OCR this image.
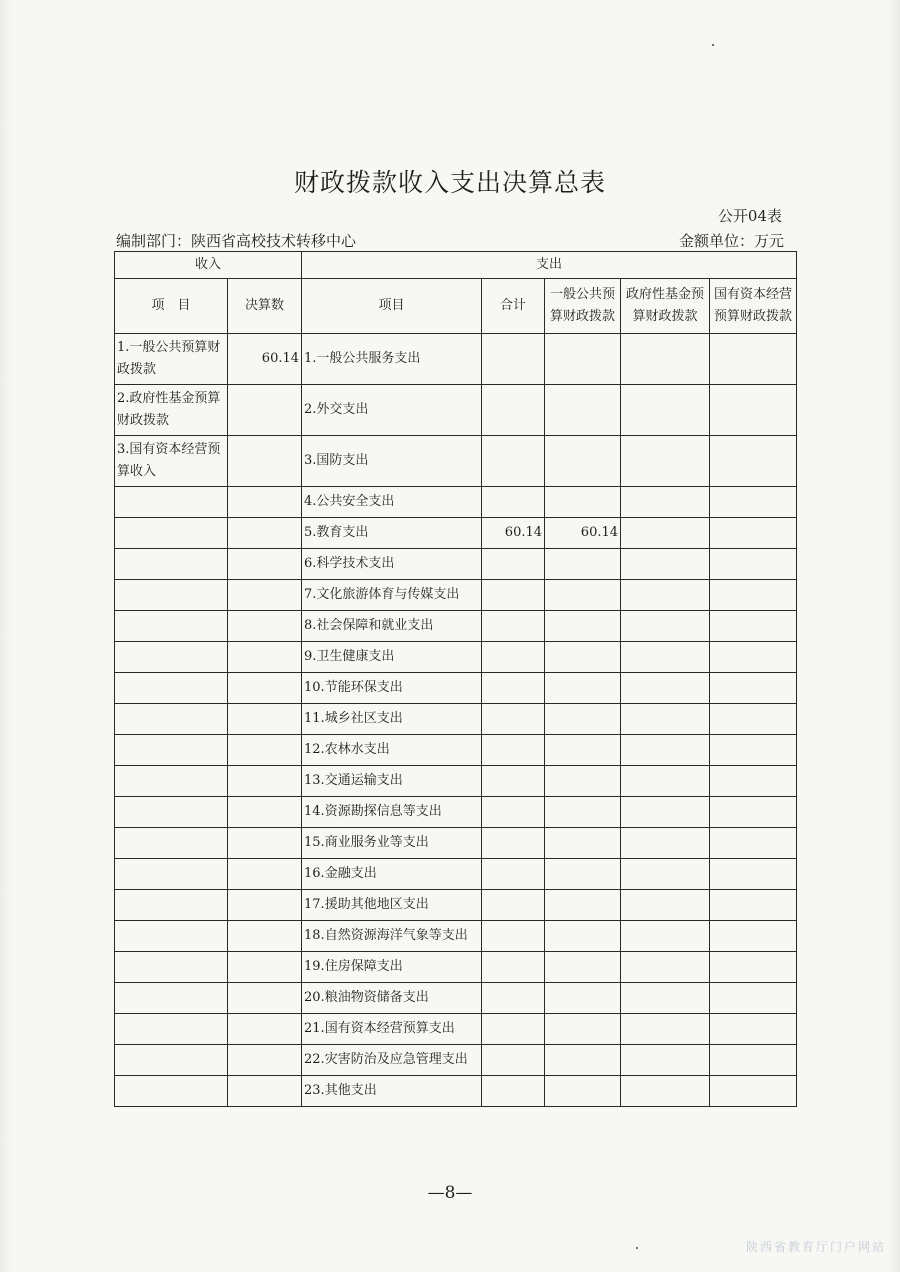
财政拨款收入支出决算总表
公开04表
编制部门：陕西省高校技术转移中心	金额单位：万元
收入		支出				
项　目	决算数	项目	合计	一般公共预算财政拨款	政府性基金预算财政拨款	国有资本经营预算财政拨款
1.一般公共预算财政拨款	60.14	1.一般公共服务支出				
2.政府性基金预算财政拨款		2.外交支出				
3.国有资本经营预算收入		3.国防支出				
		4.公共安全支出				
		5.教育支出	60.14	60.14		
		6.科学技术支出				
		7.文化旅游体育与传媒支出				
		8.社会保障和就业支出				
		9.卫生健康支出				
		10.节能环保支出				
		11.城乡社区支出				
		12.农林水支出				
		13.交通运输支出				
		14.资源勘探信息等支出				
		15.商业服务业等支出				
		16.金融支出				
		17.援助其他地区支出				
		18.自然资源海洋气象等支出				
		19.住房保障支出				
		20.粮油物资储备支出				
		21.国有资本经营预算支出				
		22.灾害防治及应急管理支出				
		23.其他支出				
—8—
陕西省教育厅门户网站
